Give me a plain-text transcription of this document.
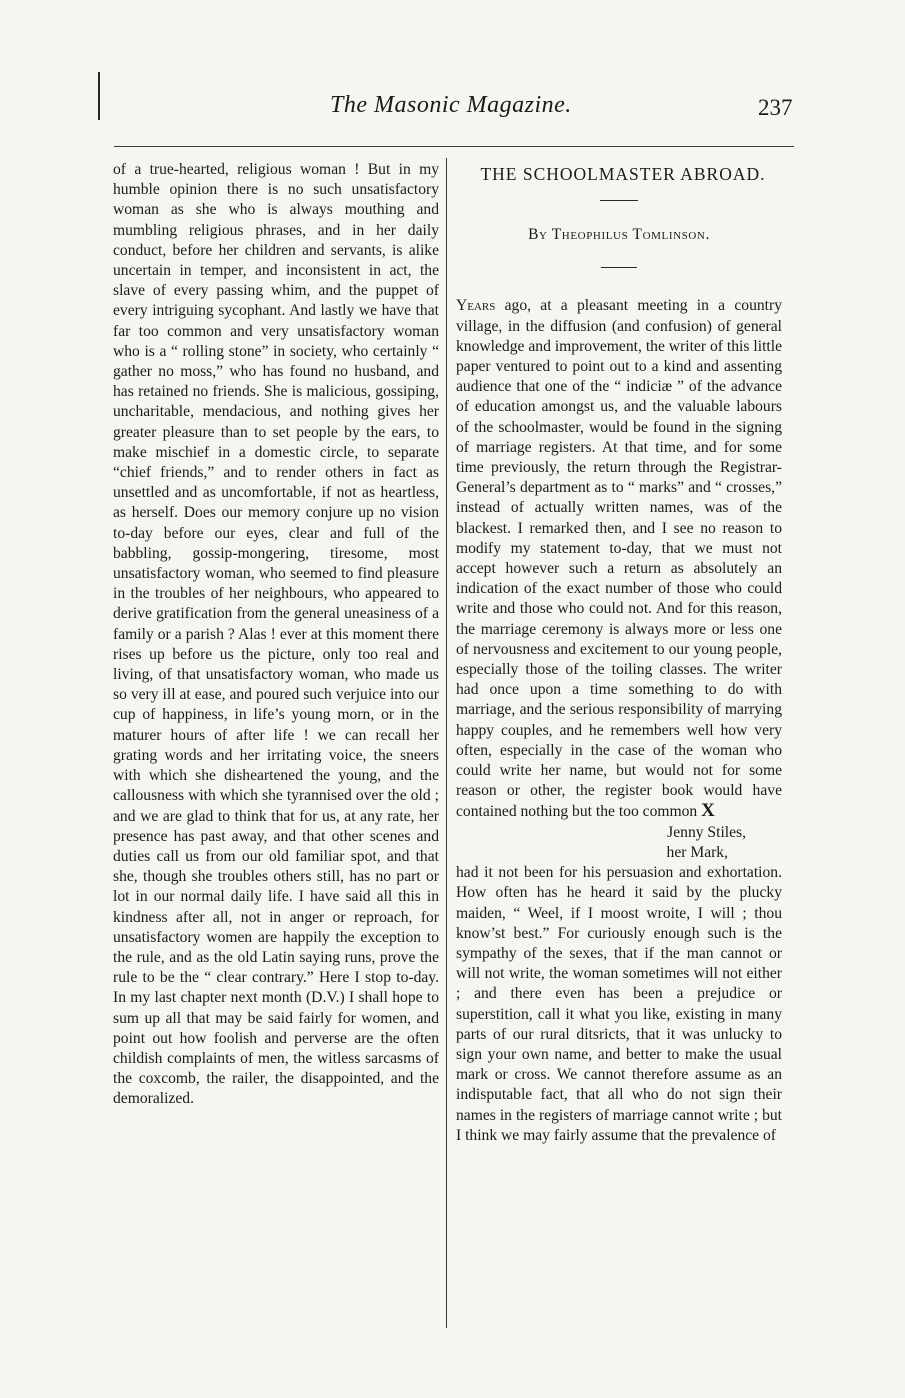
The Masonic Magazine.	237

of a true-hearted, religious woman ! But in my humble opinion there is no such unsatisfactory woman as she who is always mouthing and mumbling religious phrases, and in her daily conduct, before her children and servants, is alike uncertain in temper, and inconsistent in act, the slave of every passing whim, and the puppet of every intriguing sycophant. And lastly we have that far too common and very unsatisfactory woman who is a “ rolling stone” in society, who certainly “ gather no moss,” who has found no husband, and has retained no friends. She is malicious, gossiping, uncharitable, mendacious, and nothing gives her greater pleasure than to set people by the ears, to make mischief in a domestic circle, to separate “chief friends,” and to render others in fact as unsettled and as uncomfortable, if not as heartless, as herself. Does our memory conjure up no vision to-day before our eyes, clear and full of the babbling, gossip-mongering, tiresome, most unsatisfactory woman, who seemed to find pleasure in the troubles of her neighbours, who appeared to derive gratification from the general uneasiness of a family or a parish ? Alas ! ever at this moment there rises up before us the picture, only too real and living, of that unsatisfactory woman, who made us so very ill at ease, and poured such verjuice into our cup of happiness, in life’s young morn, or in the maturer hours of after life ! we can recall her grating words and her irritating voice, the sneers with which she disheartened the young, and the callousness with which she tyrannised over the old ; and we are glad to think that for us, at any rate, her presence has past away, and that other scenes and duties call us from our old familiar spot, and that she, though she troubles others still, has no part or lot in our normal daily life. I have said all this in kindness after all, not in anger or reproach, for unsatisfactory women are happily the exception to the rule, and as the old Latin saying runs, prove the rule to be the “ clear contrary.” Here I stop to-day. In my last chapter next month (D.V.) I shall hope to sum up all that may be said fairly for women, and point out how foolish and perverse are the often childish complaints of men, the witless sarcasms of the coxcomb, the railer, the disappointed, and the demoralized.

THE SCHOOLMASTER ABROAD.
By Theophilus Tomlinson.

Years ago, at a pleasant meeting in a country village, in the diffusion (and confusion) of general knowledge and improvement, the writer of this little paper ventured to point out to a kind and assenting audience that one of the “ indiciæ ” of the advance of education amongst us, and the valuable labours of the schoolmaster, would be found in the signing of marriage registers. At that time, and for some time previously, the return through the Registrar-General’s department as to “ marks” and “ crosses,” instead of actually written names, was of the blackest. I remarked then, and I see no reason to modify my statement to-day, that we must not accept however such a return as absolutely an indication of the exact number of those who could write and those who could not. And for this reason, the marriage ceremony is always more or less one of nervousness and excitement to our young people, especially those of the toiling classes. The writer had once upon a time something to do with marriage, and the serious responsibility of marrying happy couples, and he remembers well how very often, especially in the case of the woman who could write her name, but would not for some reason or other, the register book would have contained nothing but the too common X

Jenny Stiles,

her Mark,

had it not been for his persuasion and exhortation. How often has he heard it said by the plucky maiden, “ Weel, if I moost wroite, I will ; thou know’st best.” For curiously enough such is the sympathy of the sexes, that if the man cannot or will not write, the woman sometimes will not either ; and there even has been a prejudice or superstition, call it what you like, existing in many parts of our rural ditsricts, that it was unlucky to sign your own name, and better to make the usual mark or cross. We cannot therefore assume as an indisputable fact, that all who do not sign their names in the registers of marriage cannot write ; but I think we may fairly assume that the prevalence of
